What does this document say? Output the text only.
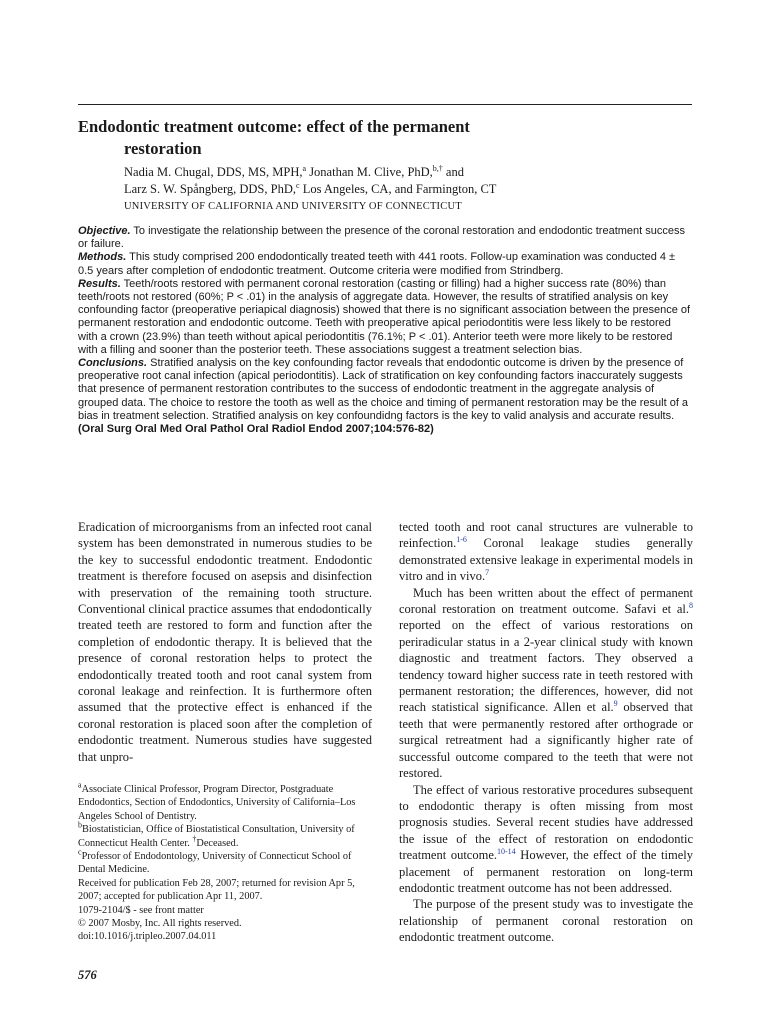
Endodontic treatment outcome: effect of the permanent
restoration
Nadia M. Chugal, DDS, MS, MPH,$^a$ Jonathan M. Clive, PhD,$^{b,\dagger}$ and
Larz S. W. Spångberg, DDS, PhD,$^c$ Los Angeles, CA, and Farmington, CT
UNIVERSITY OF CALIFORNIA AND UNIVERSITY OF CONNECTICUT

Objective. To investigate the relationship between the presence of the coronal restoration and endodontic treatment success or failure.

Methods. This study comprised 200 endodontically treated teeth with 441 roots. Follow-up examination was conducted 4 ± 0.5 years after completion of endodontic treatment. Outcome criteria were modified from Strindberg.

Results. Teeth/roots restored with permanent coronal restoration (casting or filling) had a higher success rate (80%) than teeth/roots not restored (60%; P < .01) in the analysis of aggregate data. However, the results of stratified analysis on key confounding factor (preoperative periapical diagnosis) showed that there is no significant association between the presence of permanent restoration and endodontic outcome. Teeth with preoperative apical periodontitis were less likely to be restored with a crown (23.9%) than teeth without apical periodontitis (76.1%; P < .01). Anterior teeth were more likely to be restored with a filling and sooner than the posterior teeth. These associations suggest a treatment selection bias.

Conclusions. Stratified analysis on the key confounding factor reveals that endodontic outcome is driven by the presence of preoperative root canal infection (apical periodontitis). Lack of stratification on key confounding factors inaccurately suggests that presence of permanent restoration contributes to the success of endodontic treatment in the aggregate analysis of grouped data. The choice to restore the tooth as well as the choice and timing of permanent restoration may be the result of a bias in treatment selection. Stratified analysis on key confoundidng factors is the key to valid analysis and accurate results. (Oral Surg Oral Med Oral Pathol Oral Radiol Endod 2007;104:576-82)

Eradication of microorganisms from an infected root canal system has been demonstrated in numerous studies to be the key to successful endodontic treatment. Endodontic treatment is therefore focused on asepsis and disinfection with preservation of the remaining tooth structure. Conventional clinical practice assumes that endodontically treated teeth are restored to form and function after the completion of endodontic therapy. It is believed that the presence of coronal restoration helps to protect the endodontically treated tooth and root canal system from coronal leakage and reinfection. It is furthermore often assumed that the protective effect is enhanced if the coronal restoration is placed soon after the completion of endodontic treatment. Numerous studies have suggested that unpro-

tected tooth and root canal structures are vulnerable to reinfection.$^{1-6}$ Coronal leakage studies generally demonstrated extensive leakage in experimental models in vitro and in vivo.$^7$

Much has been written about the effect of permanent coronal restoration on treatment outcome. Safavi et al.$^8$ reported on the effect of various restorations on periradicular status in a 2-year clinical study with known diagnostic and treatment factors. They observed a tendency toward higher success rate in teeth restored with permanent restoration; the differences, however, did not reach statistical significance. Allen et al.$^9$ observed that teeth that were permanently restored after orthograde or surgical retreatment had a significantly higher rate of successful outcome compared to the teeth that were not restored.

The effect of various restorative procedures subsequent to endodontic therapy is often missing from most prognosis studies. Several recent studies have addressed the issue of the effect of restoration on endodontic treatment outcome.$^{10-14}$ However, the effect of the timely placement of permanent restoration on long-term endodontic treatment outcome has not been addressed.

The purpose of the present study was to investigate the relationship of permanent coronal restoration on endodontic treatment outcome.

$^a$Associate Clinical Professor, Program Director, Postgraduate Endodontics, Section of Endodontics, University of California–Los Angeles School of Dentistry.

$^b$Biostatistician, Office of Biostatistical Consultation, University of Connecticut Health Center. †Deceased.

$^c$Professor of Endodontology, University of Connecticut School of Dental Medicine.

Received for publication Feb 28, 2007; returned for revision Apr 5, 2007; accepted for publication Apr 11, 2007.

1079-2104/$ - see front matter

© 2007 Mosby, Inc. All rights reserved.

doi:10.1016/j.tripleo.2007.04.011

576
